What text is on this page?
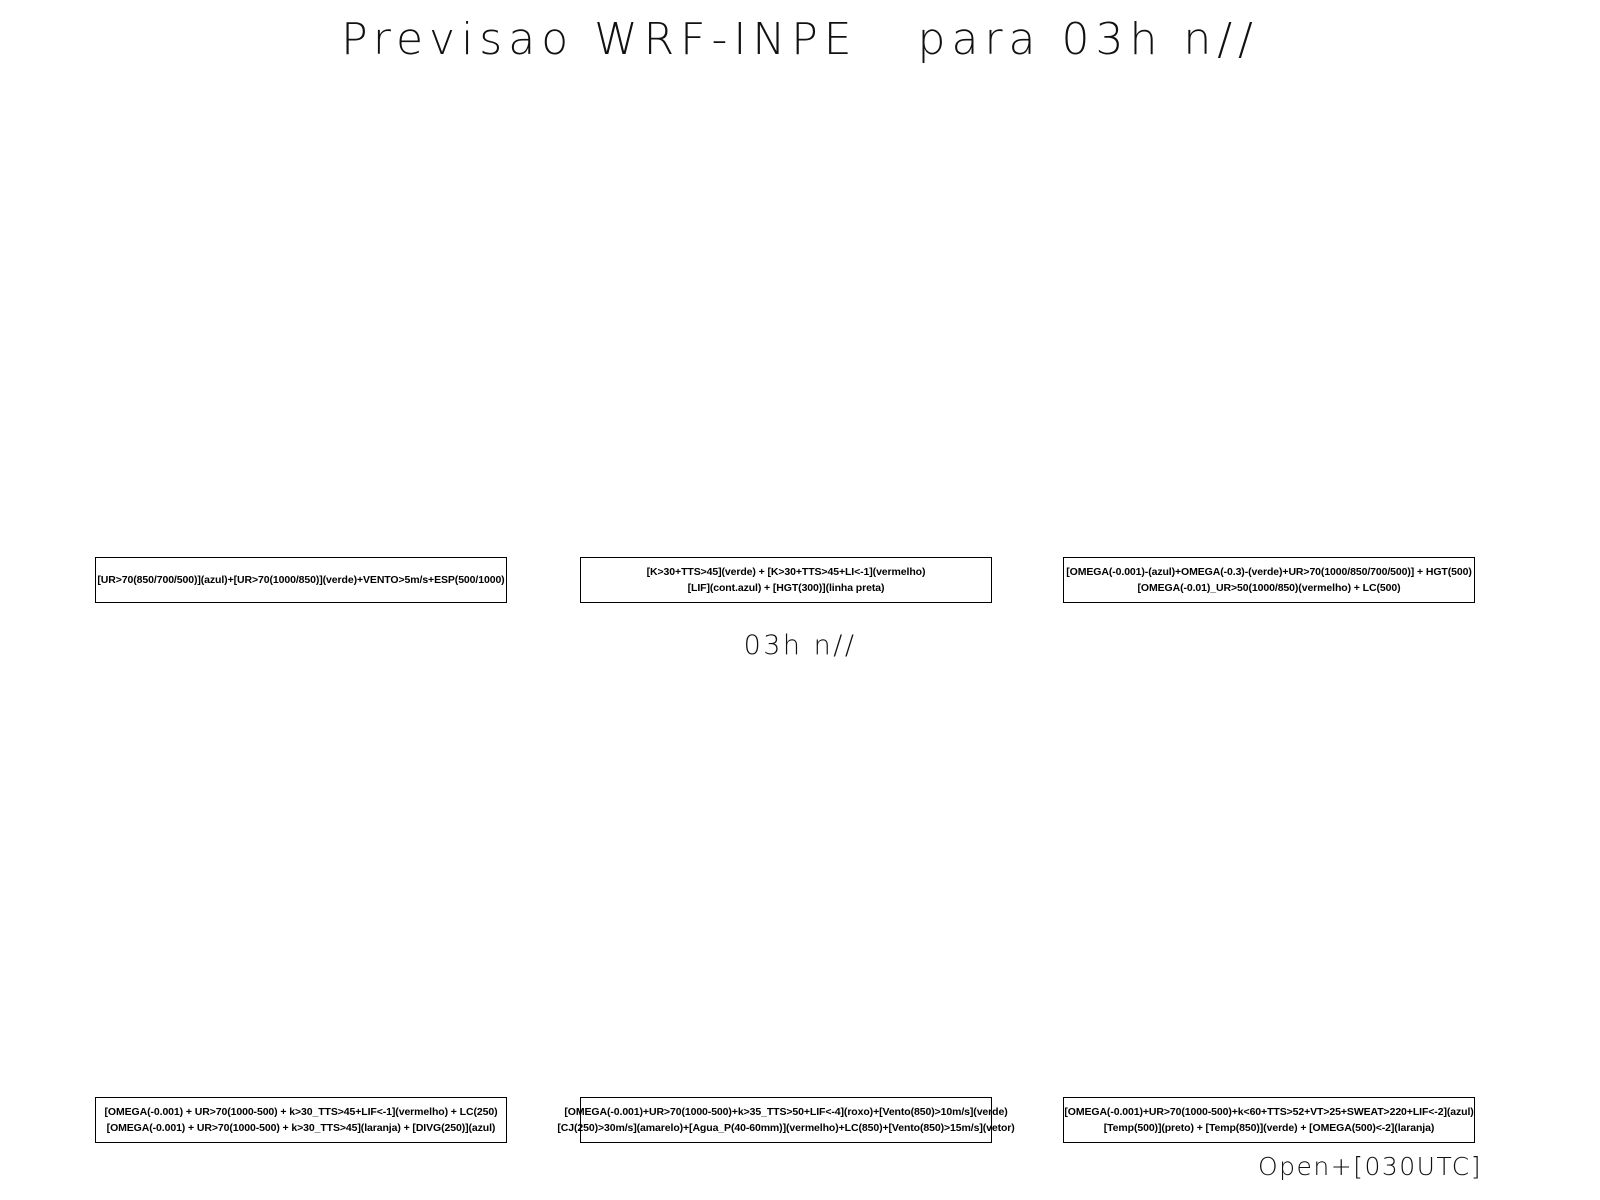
Previsao WRF-INPE   para 03h n//
[UR>70(850/700/500)](azul)+[UR>70(1000/850)](verde)+VENTO>5m/s+ESP(500/1000)
[K>30+TTS>45](verde) + [K>30+TTS>45+LI<-1](vermelho)
[LIF](cont.azul) + [HGT(300)](linha preta)
[OMEGA(-0.001)-(azul)+OMEGA(-0.3)-(verde)+UR>70(1000/850/700/500)] + HGT(500)
[OMEGA(-0.01)_UR>50(1000/850)(vermelho) + LC(500)
03h n//
[OMEGA(-0.001) + UR>70(1000-500) + k>30_TTS>45+LIF<-1](vermelho) + LC(250)
[OMEGA(-0.001) + UR>70(1000-500) + k>30_TTS>45](laranja) + [DIVG(250)](azul)
[OMEGA(-0.001)+UR>70(1000-500)+k>35_TTS>50+LIF<-4](roxo)+[Vento(850)>10m/s](verde)
[CJ(250)>30m/s](amarelo)+[Agua_P(40-60mm)](vermelho)+LC(850)+[Vento(850)>15m/s](vetor)
[OMEGA(-0.001)+UR>70(1000-500)+k<60+TTS>52+VT>25+SWEAT>220+LIF<-2](azul)
[Temp(500)](preto) + [Temp(850)](verde) + [OMEGA(500)<-2](laranja)
Open+[030UTC]
